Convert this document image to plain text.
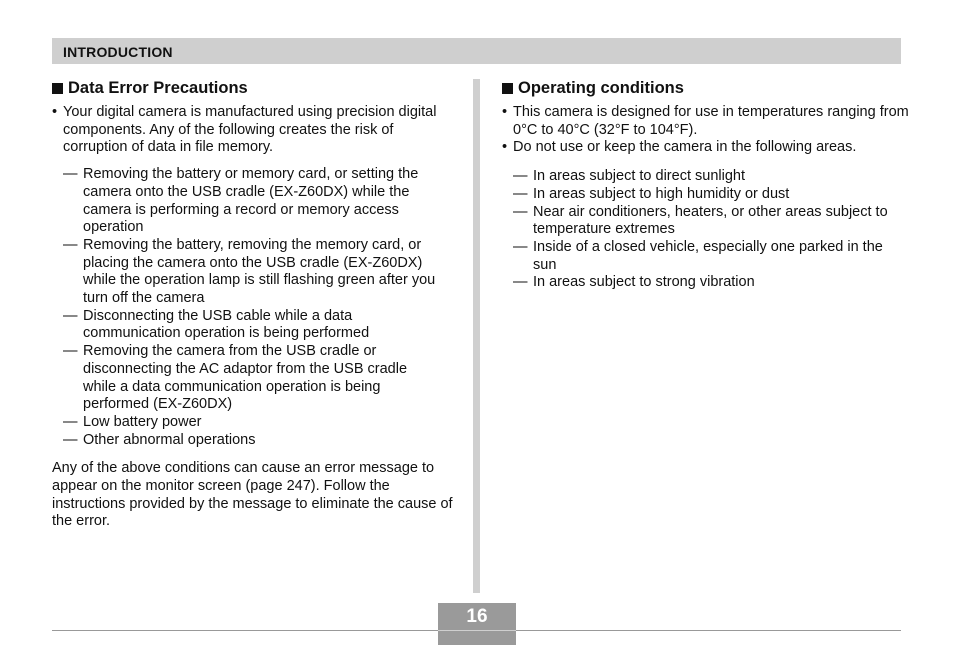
INTRODUCTION
Data Error Precautions
• Your digital camera is manufactured using precision digital components. Any of the following creates the risk of corruption of data in file memory.
— Removing the battery or memory card, or setting the camera onto the USB cradle (EX-Z60DX) while the camera is performing a record or memory access operation
— Removing the battery, removing the memory card, or placing the camera onto the USB cradle (EX-Z60DX) while the operation lamp is still flashing green after you turn off the camera
— Disconnecting the USB cable while a data communication operation is being performed
— Removing the camera from the USB cradle or disconnecting the AC adaptor from the USB cradle while a data communication operation is being performed (EX-Z60DX)
— Low battery power
— Other abnormal operations

Any of the above conditions can cause an error message to appear on the monitor screen (page 247). Follow the instructions provided by the message to eliminate the cause of the error.

Operating conditions
• This camera is designed for use in temperatures ranging from 0°C to 40°C (32°F to 104°F).
• Do not use or keep the camera in the following areas.
— In areas subject to direct sunlight
— In areas subject to high humidity or dust
— Near air conditioners, heaters, or other areas subject to temperature extremes
— Inside of a closed vehicle, especially one parked in the sun
— In areas subject to strong vibration
16
